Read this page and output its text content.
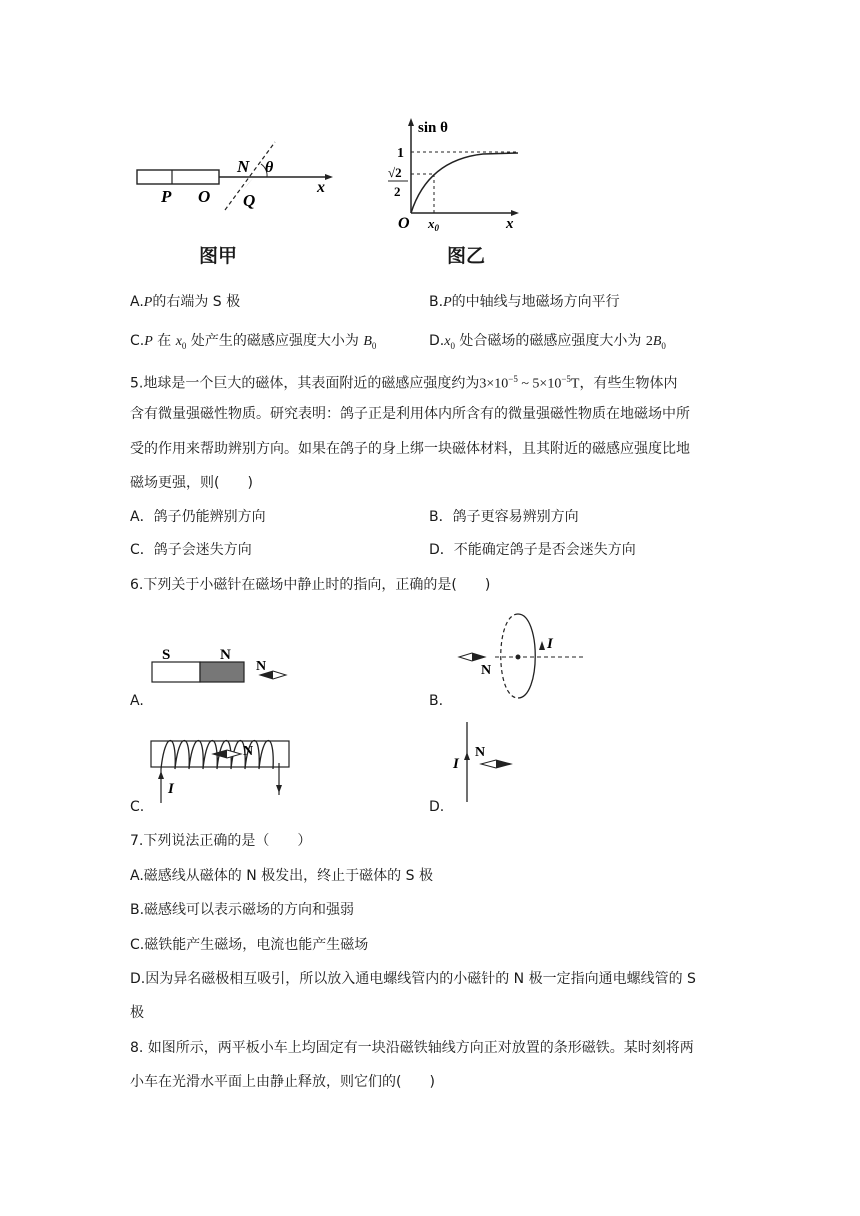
P O
N
Q
θ
x
图甲
sin θ
1
√2
2
O $x_0$	x
图乙
A.P的右端为 S 极	B.P的中轴线与地磁场方向平行
C.P 在 $x_0$ 处产生的磁感应强度大小为 $B_0$	$D.x_0$ 处合磁场的磁感应强度大小为 $2B_0$
5.地球是一个巨大的磁体，其表面附近的磁感应强度约为$3\times 10^{-5}$ ~ $5\times 10^{-5}T$，有些生物体内
含有微量强磁性物质。研究表明：鸽子正是利用体内所含有的微量强磁性物质在地磁场中所
受的作用来帮助辨别方向。如果在鸽子的身上绑一块磁体材料，且其附近的磁感应强度比地
磁场更强，则(　　)
A．鸽子仍能辨别方向	B．鸽子更容易辨别方向
C．鸽子会迷失方向	D．不能确定鸽子是否会迷失方向
6.下列关于小磁针在磁场中静止时的指向，正确的是(　　)
S	N
N
A.
I
N
B.
I
N
C.
I
N
D.
7.下列说法正确的是（　　）
A.磁感线从磁体的 N 极发出，终止于磁体的 S 极
B.磁感线可以表示磁场的方向和强弱
C.磁铁能产生磁场，电流也能产生磁场
D.因为异名磁极相互吸引，所以放入通电螺线管内的小磁针的 N 极一定指向通电螺线管的 S
极
8. 如图所示，两平板小车上均固定有一块沿磁铁轴线方向正对放置的条形磁铁。某时刻将两
小车在光滑水平面上由静止释放，则它们的(　　)
